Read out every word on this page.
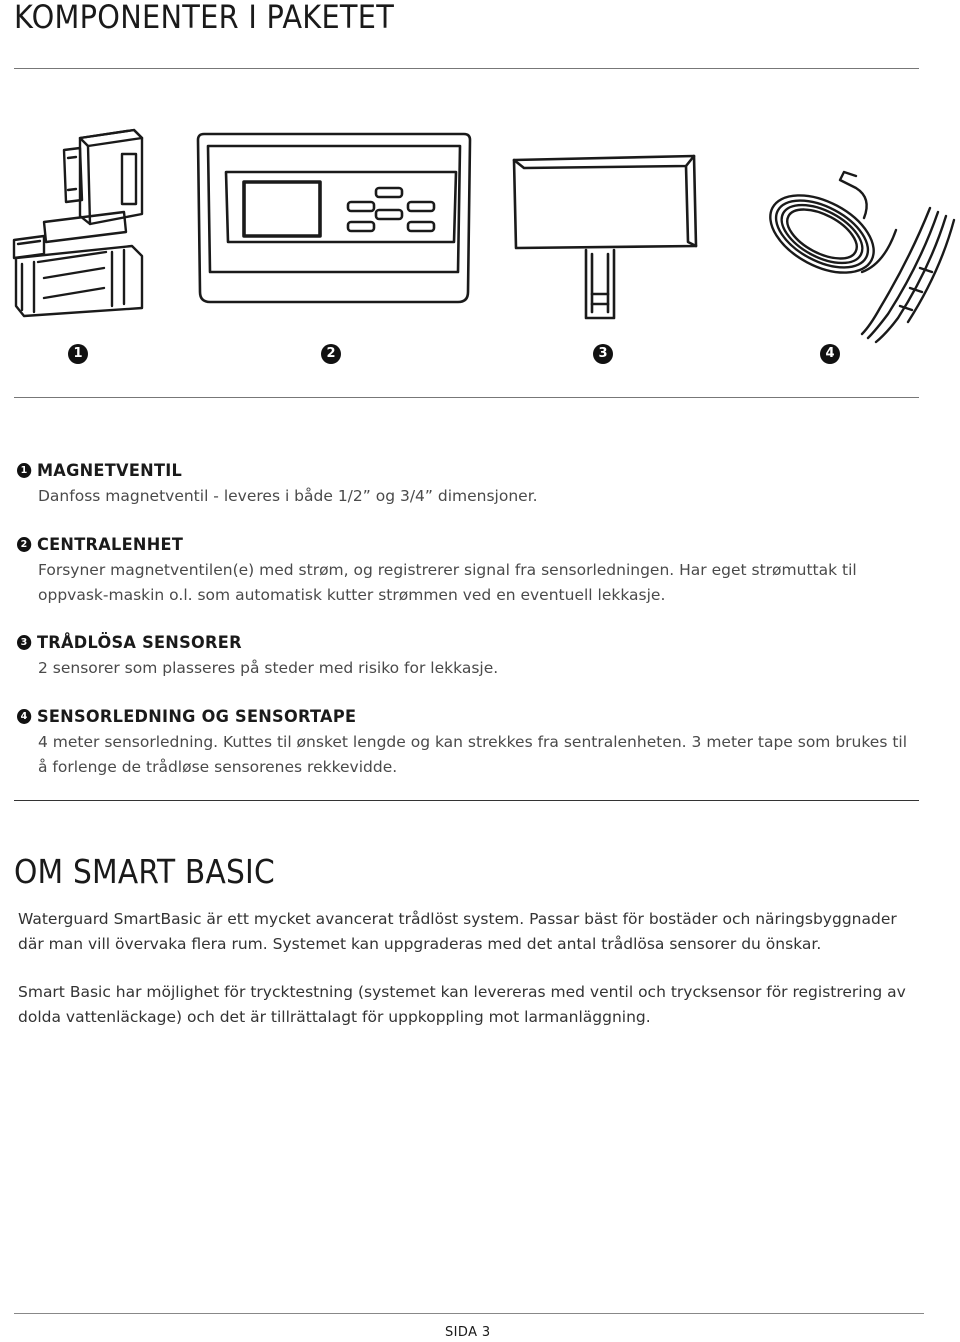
KOMPONENTER I PAKETET
1	2	3	4
1 MAGNETVENTIL
Danfoss magnetventil - leveres i både 1/2” og 3/4” dimensjoner.
2 CENTRALENHET
Forsyner magnetventilen(e) med strøm, og registrerer signal fra sensorledningen. Har eget strømuttak til oppvask-maskin o.l. som automatisk kutter strømmen ved en eventuell lekkasje.
3 TRÅDLÖSA SENSORER
2 sensorer som plasseres på steder med risiko for lekkasje.
4 SENSORLEDNING OG SENSORTAPE
4 meter sensorledning. Kuttes til ønsket lengde og kan strekkes fra sentralenheten. 3 meter tape som brukes til å forlenge de trådløse sensorenes rekkevidde.
OM SMART BASIC

Waterguard SmartBasic är ett mycket avancerat trådlöst system. Passar bäst för bostäder och näringsbyggnader där man vill övervaka flera rum. Systemet kan uppgraderas med det antal trådlösa sensorer du önskar.

Smart Basic har möjlighet för trycktestning (systemet kan levereras med ventil och trycksensor för registrering av dolda vattenläckage) och det är tillrättalagt för uppkoppling mot larmanläggning.

SIDA 3
